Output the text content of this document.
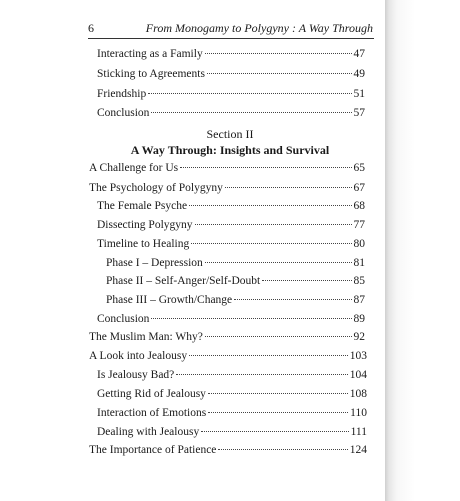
6	From Monogamy to Polygyny : A Way Through
Interacting as a Family	47
Sticking to Agreements	49
Friendship	51
Conclusion	57
Section II
A Way Through: Insights and Survival
A Challenge for Us	65
The Psychology of Polygyny	67
The Female Psyche	68
Dissecting Polygyny	77
Timeline to Healing	80
Phase I – Depression	81
Phase II – Self-Anger/Self-Doubt	85
Phase III – Growth/Change	87
Conclusion	89
The Muslim Man: Why?	92
A Look into Jealousy	103
Is Jealousy Bad?	104
Getting Rid of Jealousy	108
Interaction of Emotions	110
Dealing with Jealousy	111
The Importance of Patience	124
